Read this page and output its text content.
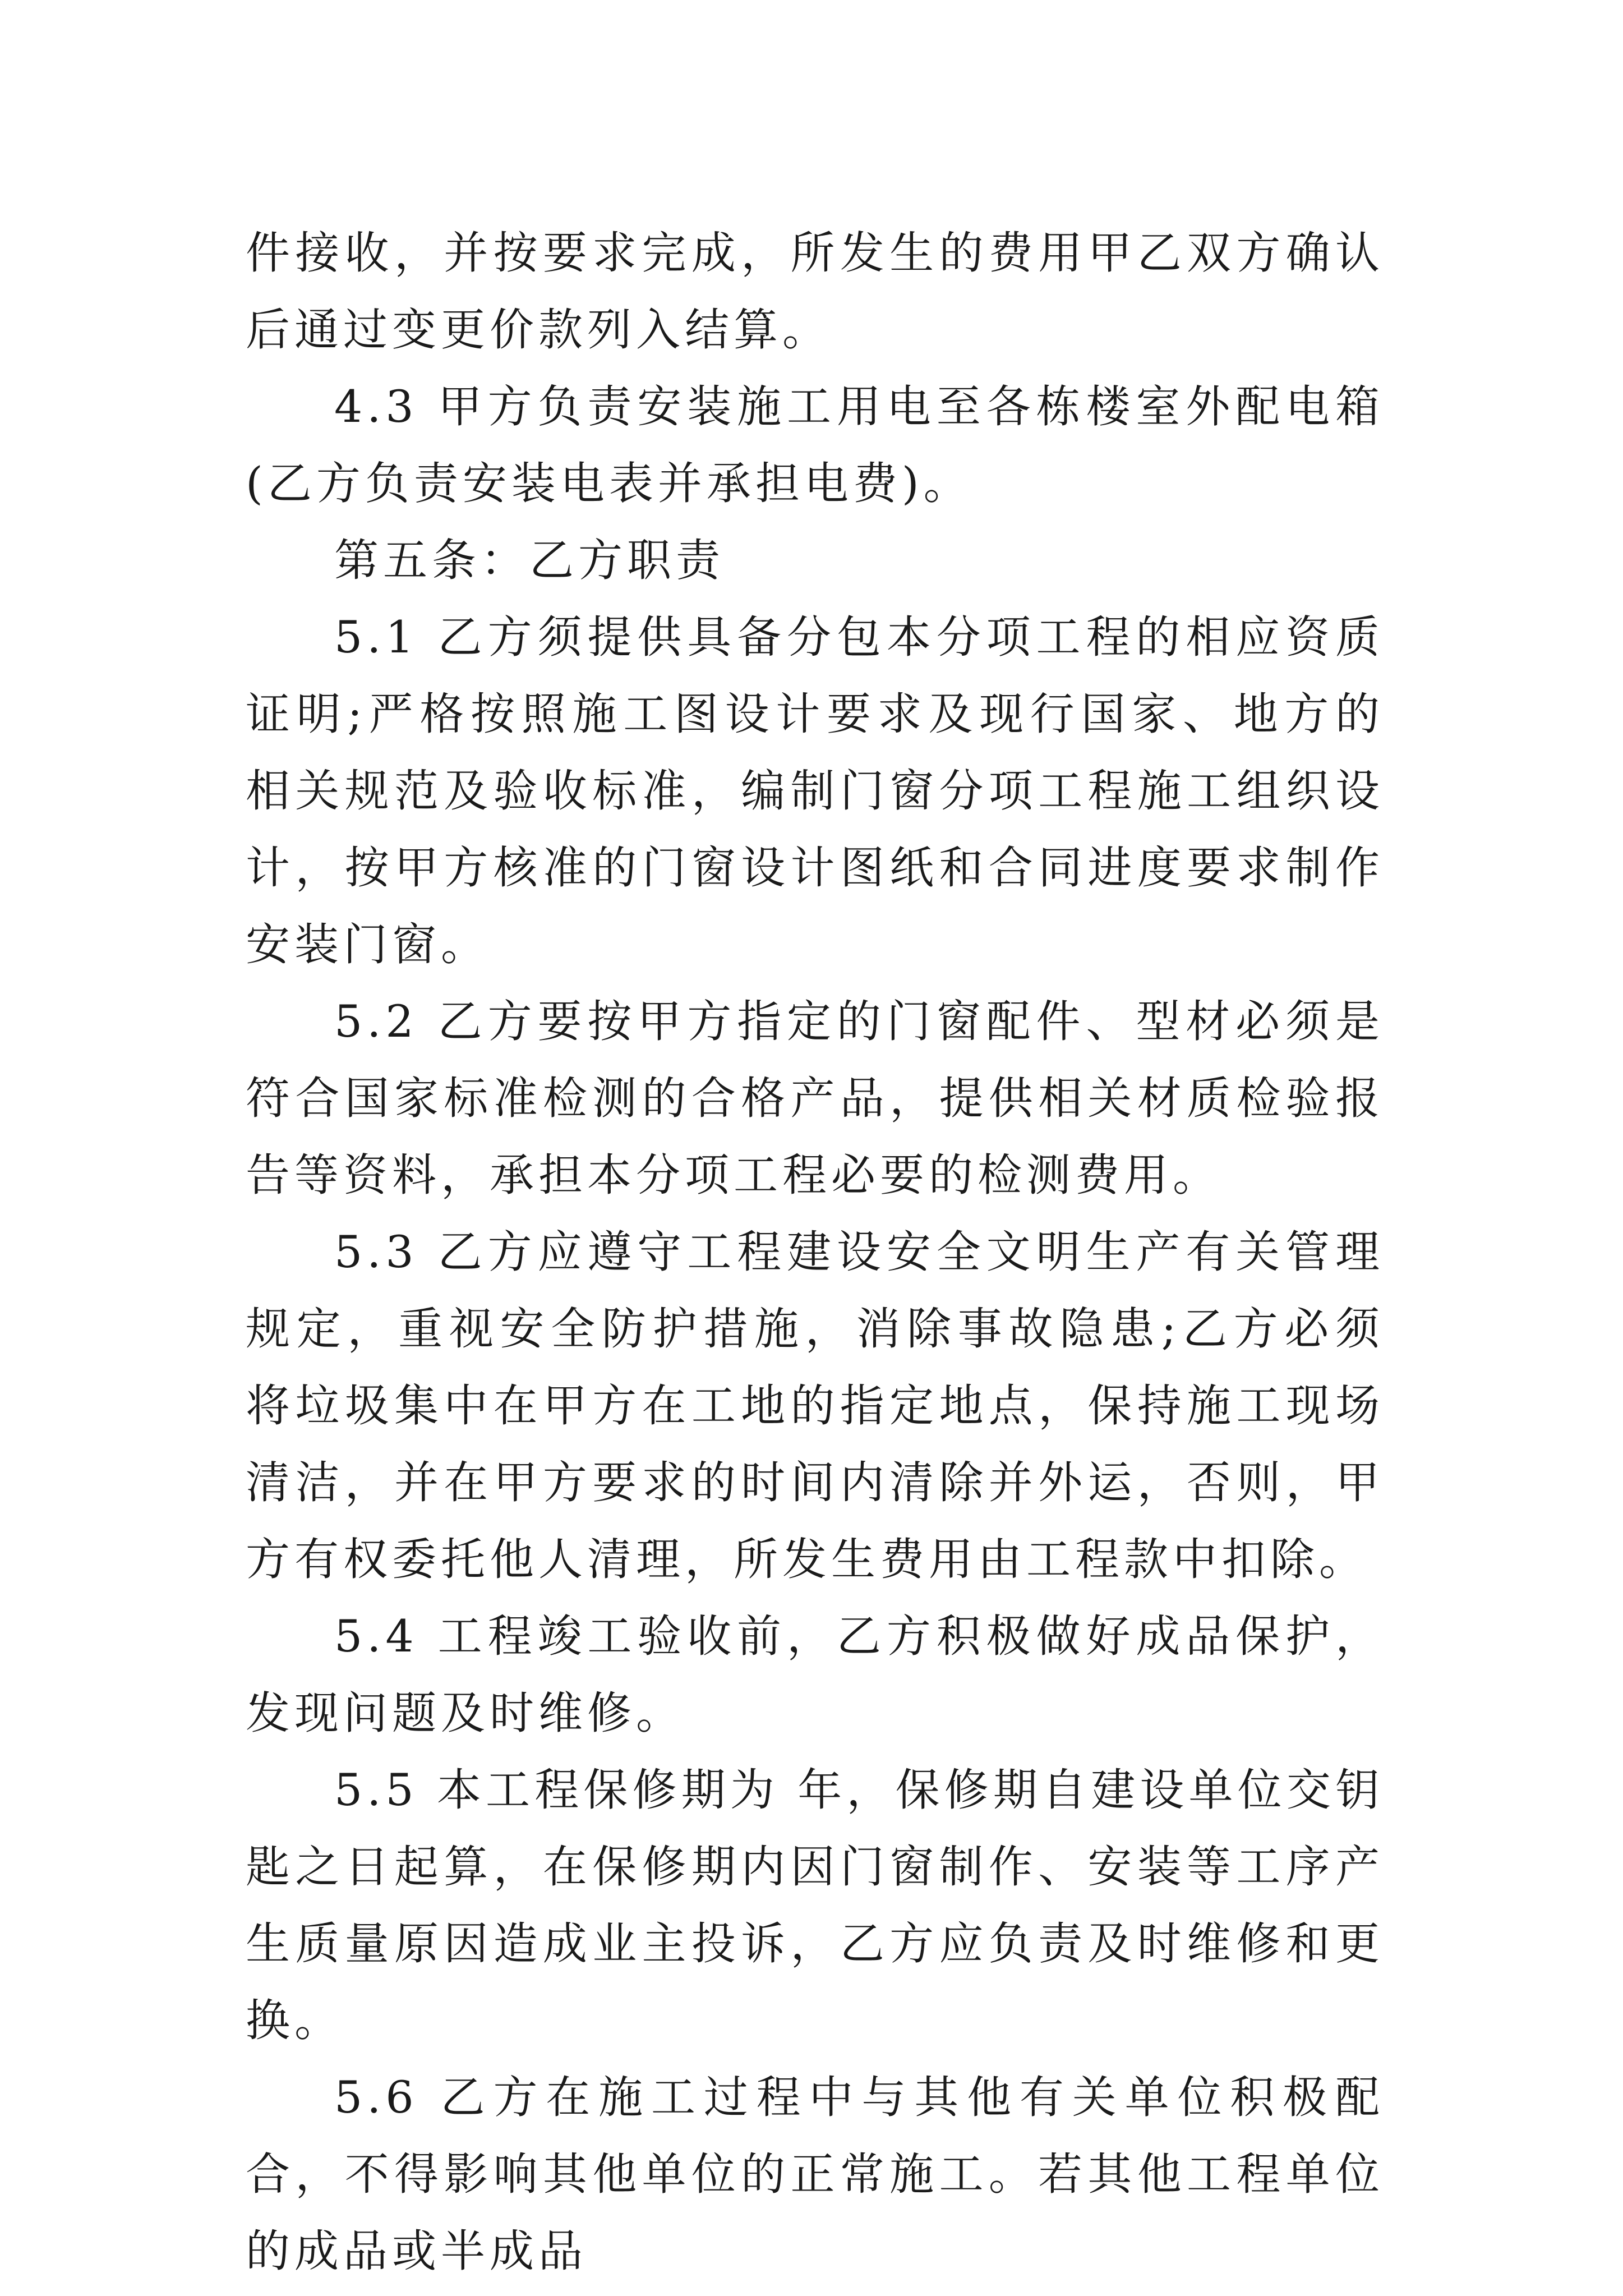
件接收，并按要求完成，所发生的费用甲乙双方确认后通过变更价款列入结算。

4.3 甲方负责安装施工用电至各栋楼室外配电箱(乙方负责安装电表并承担电费)。

第五条：乙方职责

5.1 乙方须提供具备分包本分项工程的相应资质证明;严格按照施工图设计要求及现行国家、地方的相关规范及验收标准，编制门窗分项工程施工组织设计，按甲方核准的门窗设计图纸和合同进度要求制作安装门窗。

5.2 乙方要按甲方指定的门窗配件、型材必须是符合国家标准检测的合格产品，提供相关材质检验报告等资料，承担本分项工程必要的检测费用。

5.3 乙方应遵守工程建设安全文明生产有关管理规定，重视安全防护措施，消除事故隐患;乙方必须将垃圾集中在甲方在工地的指定地点，保持施工现场清洁，并在甲方要求的时间内清除并外运，否则，甲方有权委托他人清理，所发生费用由工程款中扣除。

5.4 工程竣工验收前，乙方积极做好成品保护，发现问题及时维修。

5.5 本工程保修期为 年，保修期自建设单位交钥匙之日起算，在保修期内因门窗制作、安装等工序产生质量原因造成业主投诉，乙方应负责及时维修和更换。

5.6 乙方在施工过程中与其他有关单位积极配合，不得影响其他单位的正常施工。若其他工程单位的成品或半成品
